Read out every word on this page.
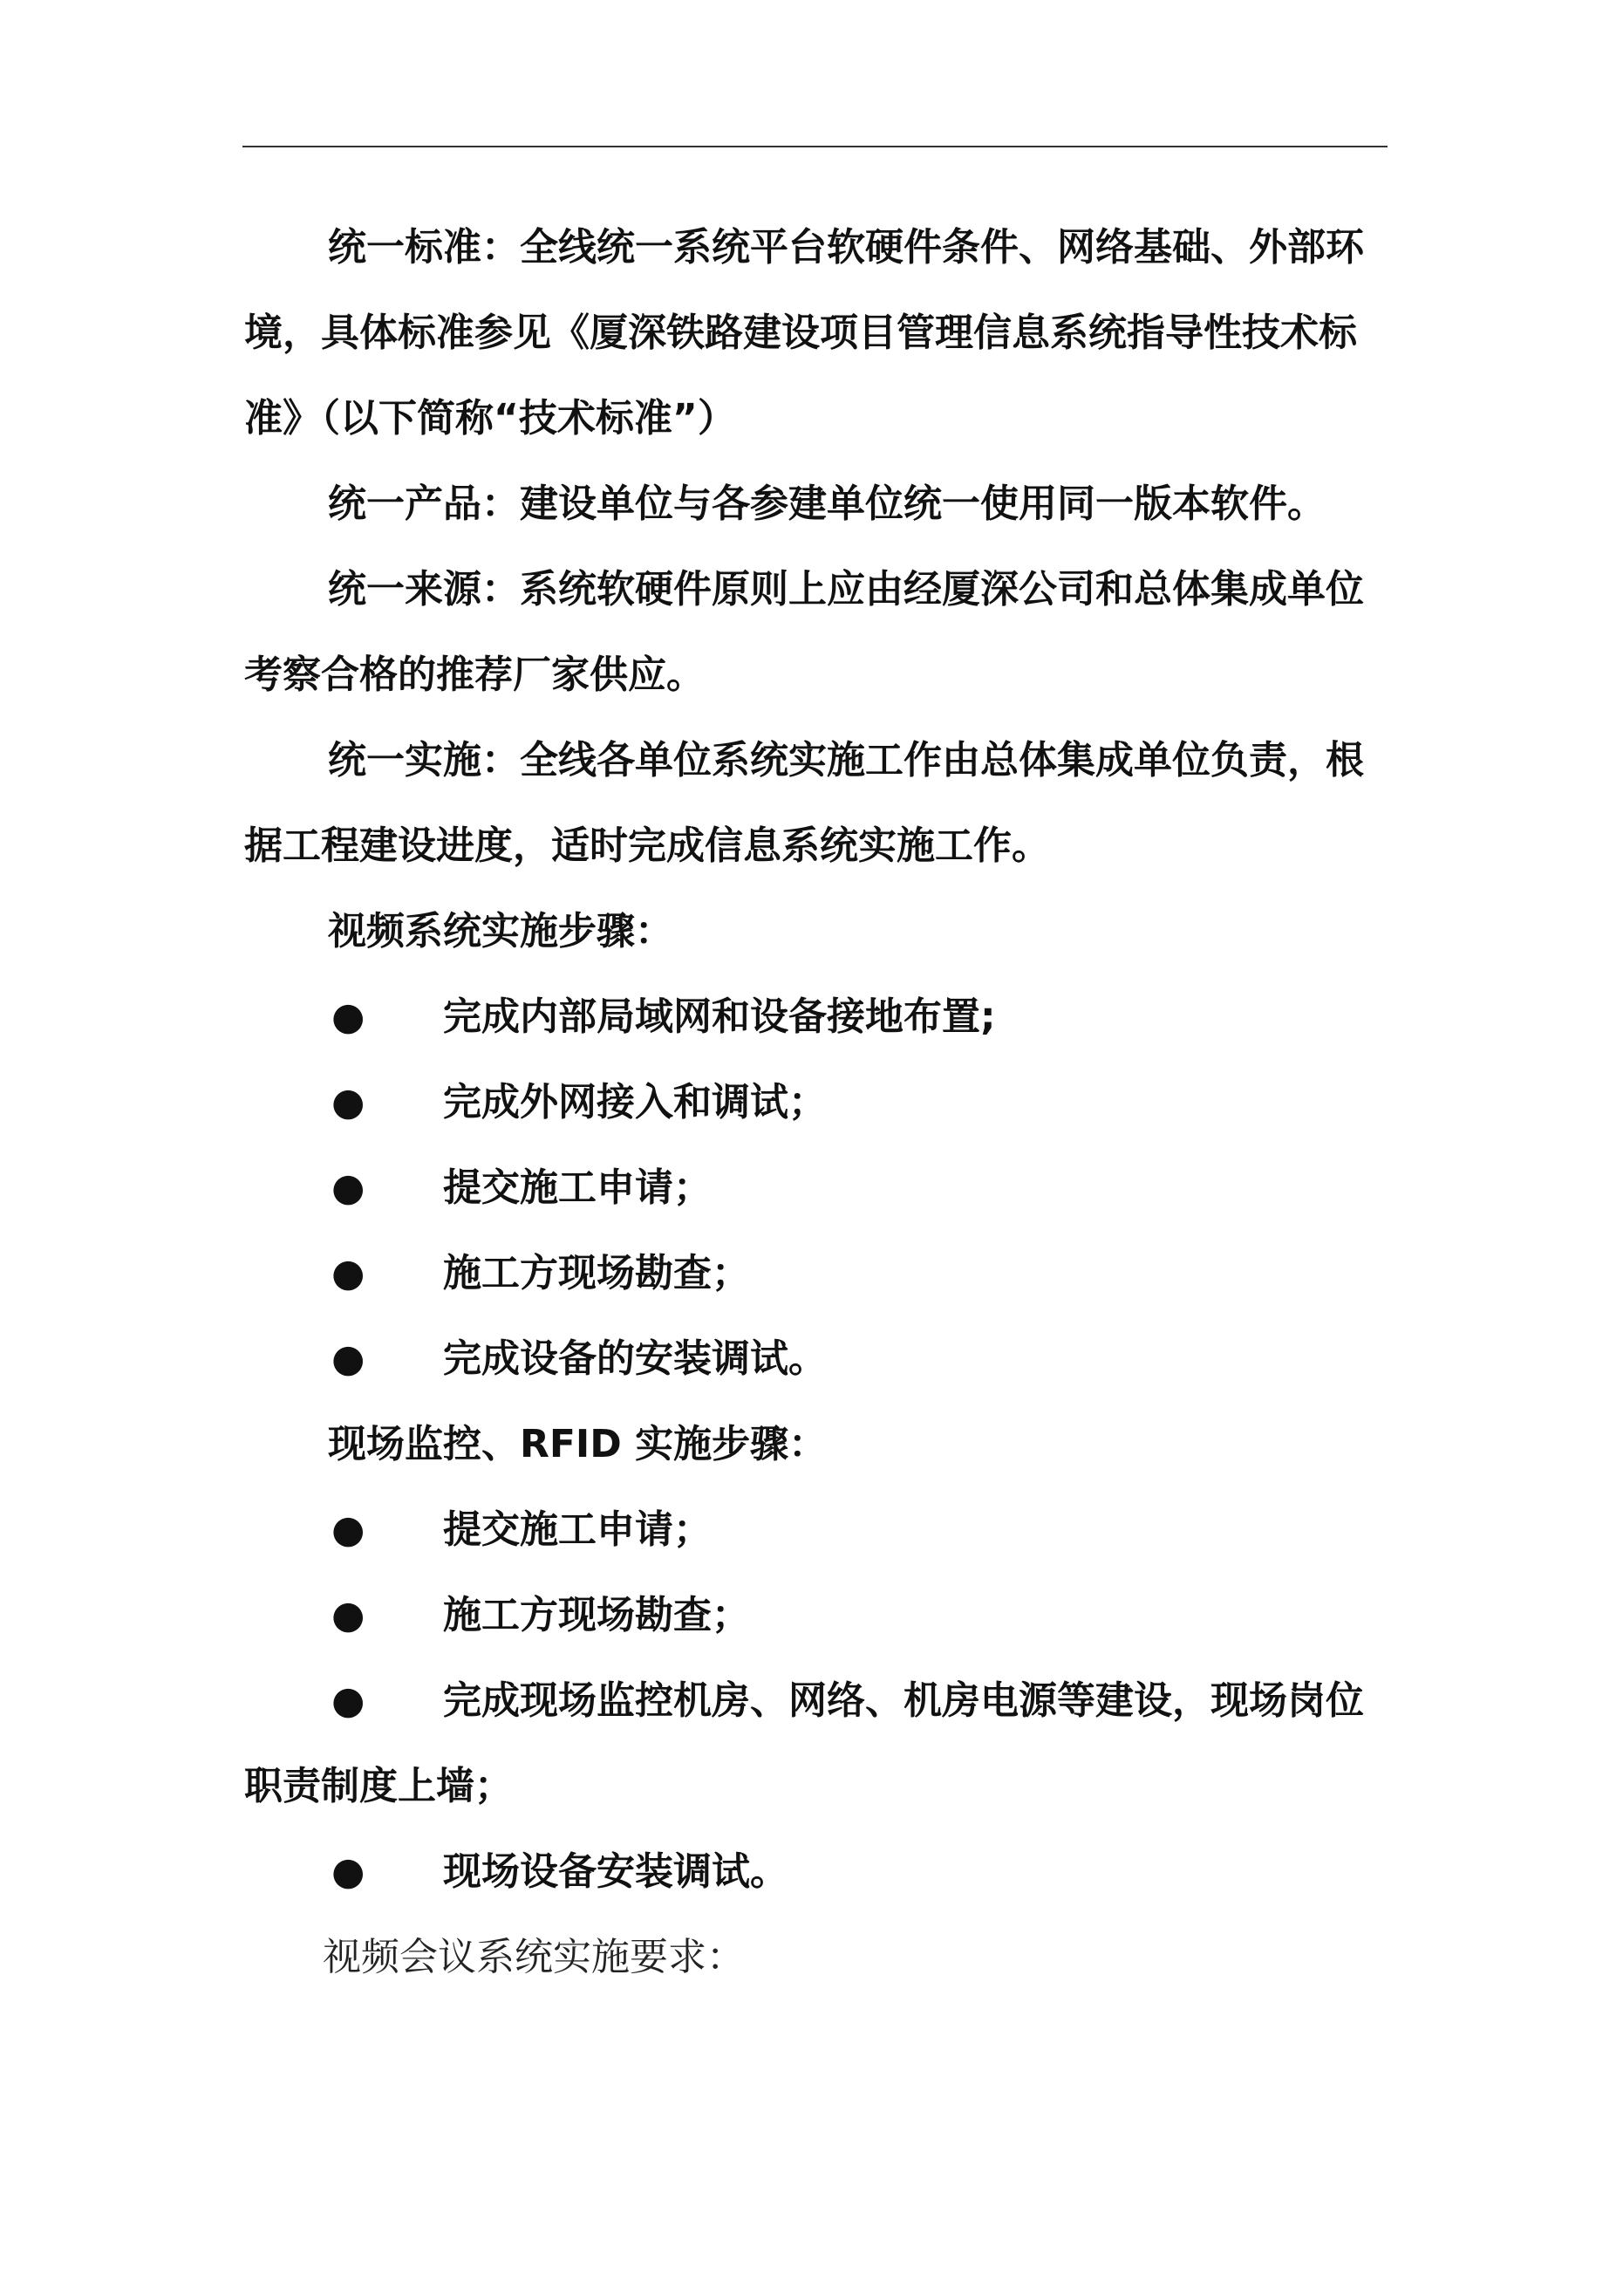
统一标准：全线统一系统平台软硬件条件、网络基础、外部环境，具体标准参见《厦深铁路建设项目管理信息系统指导性技术标准》（以下简称“技术标准”）

统一产品：建设单位与各参建单位统一使用同一版本软件。

统一来源：系统软硬件原则上应由经厦深公司和总体集成单位考察合格的推荐厂家供应。

统一实施：全线各单位系统实施工作由总体集成单位负责，根据工程建设进度，适时完成信息系统实施工作。

视频系统实施步骤：

● 完成内部局域网和设备接地布置;

● 完成外网接入和调试；

● 提交施工申请；

● 施工方现场勘查；

● 完成设备的安装调试。

现场监控、RFID 实施步骤：

● 提交施工申请；

● 施工方现场勘查；

● 完成现场监控机房、网络、机房电源等建设，现场岗位职责制度上墙；

● 现场设备安装调试。

视频会议系统实施要求：
